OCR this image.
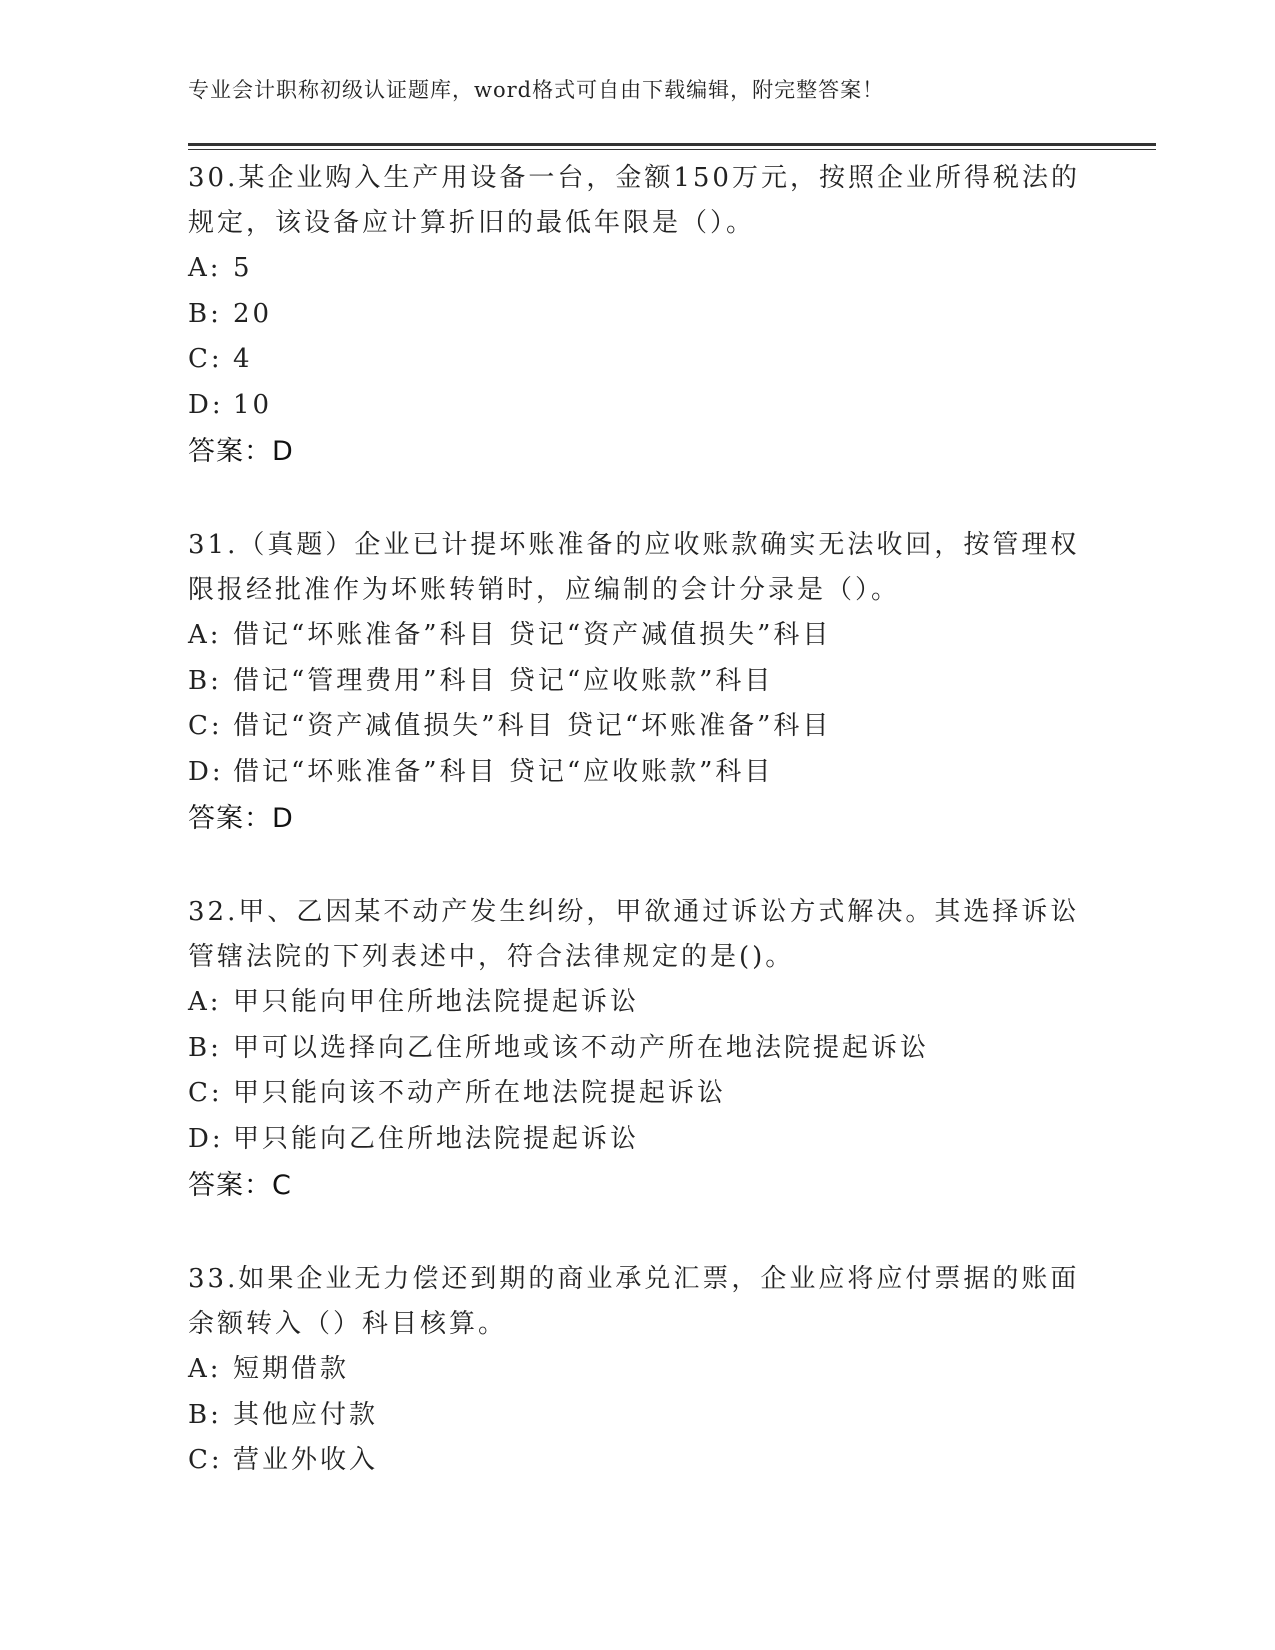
专业会计职称初级认证题库，word格式可自由下载编辑，附完整答案！

30.某企业购入生产用设备一台，金额150万元，按照企业所得税法的规定，该设备应计算折旧的最低年限是（）。

A: 5

B: 20

C: 4

D: 10

答案：D

31.（真题）企业已计提坏账准备的应收账款确实无法收回，按管理权限报经批准作为坏账转销时，应编制的会计分录是（）。

A: 借记“坏账准备”科目 贷记“资产减值损失”科目

B: 借记“管理费用”科目 贷记“应收账款”科目

C: 借记“资产减值损失”科目 贷记“坏账准备”科目

D: 借记“坏账准备”科目 贷记“应收账款”科目

答案：D

32.甲、乙因某不动产发生纠纷，甲欲通过诉讼方式解决。其选择诉讼管辖法院的下列表述中，符合法律规定的是()。

A: 甲只能向甲住所地法院提起诉讼

B: 甲可以选择向乙住所地或该不动产所在地法院提起诉讼

C: 甲只能向该不动产所在地法院提起诉讼

D: 甲只能向乙住所地法院提起诉讼

答案：C

33.如果企业无力偿还到期的商业承兑汇票，企业应将应付票据的账面余额转入（）科目核算。

A: 短期借款

B: 其他应付款

C: 营业外收入
